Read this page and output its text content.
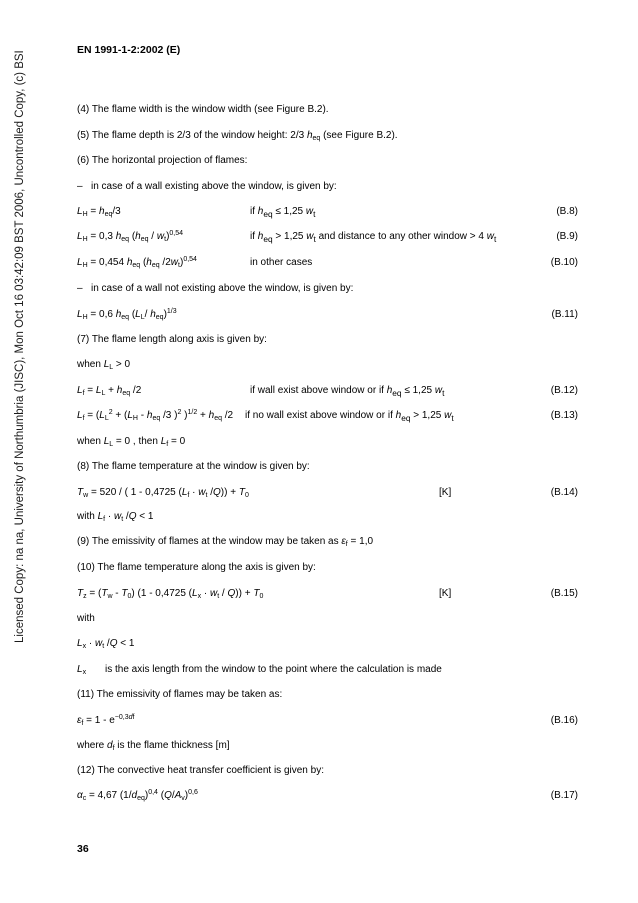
EN 1991-1-2:2002 (E)
Licensed Copy: na na, University of Northumbria (JISC), Mon Oct 16 03:42:09 BST 2006, Uncontrolled Copy, (c) BSI	(4) The flame width is the window width (see Figure B.2).
(5) The flame depth is 2/3 of the window height: 2/3 $h_{eq}$ (see Figure B.2).
(6) The horizontal projection of flames:
– in case of a wall existing above the window, is given by:
$L_H = h_{eq}/3$	if $h_{eq} \le 1,25$ $w_t$	(B.8)
$L_H = 0,3$ $h_{eq}$ $(h_{eq} / w_t)^{0,54}$	if $h_{eq} > 1,25$ $w_t$ and distance to any other window > 4 $w_t$	(B.9)
$L_H = 0,454$ $h_{eq}$ ($h_{eq}$ $/2w_t)^{0,54}$	in other cases	(B.10)
– in case of a wall not existing above the window, is given by:
$L_H = 0,6$ $h_{eq}$ ($L_L/$ $h_{eq})^{1/3}$	(B.11)
(7) The flame length along axis is given by:
when $L_L > 0$
$L_f = L_L + h_{eq}$ /2	if wall exist above window or if $h_{eq} \le 1,25$ $w_t$	(B.12)
$L_f = (L_L^2 + (L_H - h_{eq}$ /3 )$^2$ )$^{1/2} + h_{eq}$ /2 if no wall exist above window or if $h_{eq} > 1,25$ $w_t$	(B.13)
when $L_L = 0$ , then $L_f = 0$
(8) The flame temperature at the window is given by:
$T_w = 520$ / ( 1 - 0,4725 ($L_f \cdot w_t$ $/Q)) + T_0$	[K]	(B.14)
with $L_f \cdot w_t$ /Q < 1
(9) The emissivity of flames at the window may be taken as $\varepsilon_f = 1,0$
(10) The flame temperature along the axis is given by:
$T_z = (T_w - T_0)$ (1 - 0,4725 $(L_x \cdot w_t / Q)) + T_0$	[K]	(B.15)
with
$L_x \cdot w_t$ /Q < 1
$L_x$ is the axis length from the window to the point where the calculation is made
(11) The emissivity of flames may be taken as:
$\varepsilon_f = 1 - e^{-0,3df}$	(B.16)
where $d_f$ is the flame thickness [m]
(12) The convective heat transfer coefficient is given by:
$\alpha_c = 4,67$ $(1/d_{eq})^{0,4}$ $(Q/A_v)^{0,6}$	(B.17)
36
